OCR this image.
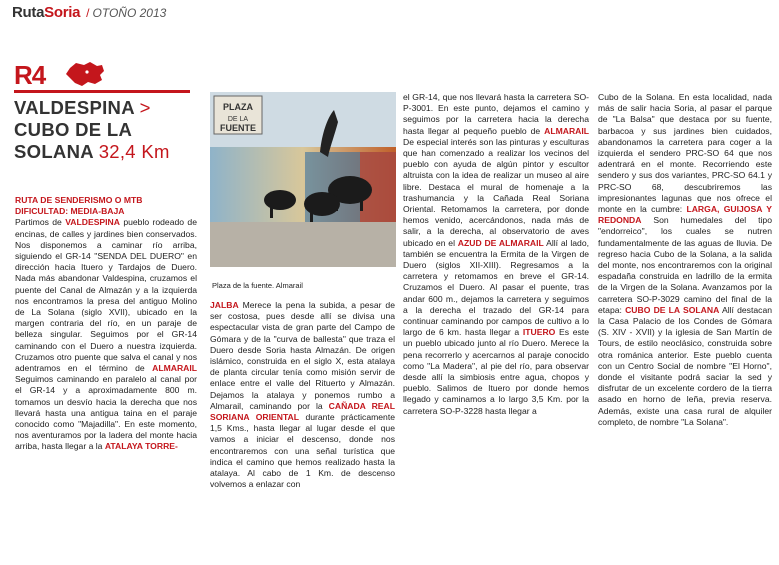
RutaSoria / OTOÑO 2013
R4
VALDESPINA >
CUBO DE LA SOLANA 32,4 Km

RUTA DE SENDERISMO O MTB

DIFICULTAD: MEDIA-BAJA

Partimos de VALDESPINA pueblo rodeado de encinas, de calles y jardines bien conservados. Nos disponemos a caminar río arriba, siguiendo el GR-14 "SENDA DEL DUERO" en dirección hacia Ituero y Tardajos de Duero. Nada más abandonar Valdespina, cruzamos el puente del Canal de Almazán y a la izquierda nos encontramos la presa del antiguo Molino de La Solana (siglo XVII), ubicado en la margen contraria del río, en un paraje de belleza singular. Seguimos por el GR-14 caminando con el Duero a nuestra izquierda. Cruzamos otro puente que salva el canal y nos adentramos en el término de ALMARAIL Seguimos caminando en paralelo al canal por el GR-14 y a aproximadamente 800 m. tomamos un desvío hacia la derecha que nos llevará hasta una antigua taina en el paraje conocido como "Majadilla". En este momento, nos aventuramos por la ladera del monte hacia arriba, hasta llegar a la ATALAYA TORRE-

PLAZA
DE LA
FUENTE
Plaza de la fuente. Almarail

JALBA Merece la pena la subida, a pesar de ser costosa, pues desde allí se divisa una espectacular vista de gran parte del Campo de Gómara y de la "curva de ballesta" que traza el Duero desde Soria hasta Almazán. De origen islámico, construida en el siglo X, esta atalaya de planta circular tenía como misión servir de enlace entre el valle del Rituerto y Almazán. Dejamos la atalaya y ponemos rumbo a Almarail, caminando por la CAÑADA REAL SORIANA ORIENTAL durante prácticamente 1,5 Kms., hasta llegar al lugar desde el que vamos a iniciar el descenso, donde nos encontraremos con una señal turística que indica el camino que hemos realizado hasta la atalaya. Al cabo de 1 Km. de descenso volvemos a enlazar con

el GR-14, que nos llevará hasta la carretera SO-P-3001. En este punto, dejamos el camino y seguimos por la carretera hacia la derecha hasta llegar al pequeño pueblo de ALMARAIL De especial interés son las pinturas y esculturas que han comenzado a realizar los vecinos del pueblo con ayuda de algún pintor y escultor altruista con la idea de realizar un museo al aire libre. Destaca el mural de homenaje a la trashumancia y la Cañada Real Soriana Oriental. Retomamos la carretera, por donde hemos venido, acercándonos, nada más de salir, a la derecha, al observatorio de aves ubicado en el AZUD DE ALMARAIL Allí al lado, también se encuentra la Ermita de la Virgen de Duero (siglos XII-XIII). Regresamos a la carretera y retomamos en breve el GR-14. Cruzamos el Duero. Al pasar el puente, tras andar 600 m., dejamos la carretera y seguimos a la derecha el trazado del GR-14 para continuar caminando por campos de cultivo a lo largo de 6 km. hasta llegar a ITUERO Es este un pueblo ubicado junto al río Duero. Merece la pena recorrerlo y acercarnos al paraje conocido como "La Madera", al pie del río, para observar desde allí la simbiosis entre agua, chopos y pueblo. Salimos de Ituero por donde hemos llegado y caminamos a lo largo 3,5 Km. por la carretera SO-P-3228 hasta llegar a

Cubo de la Solana. En esta localidad, nada más de salir hacia Soria, al pasar el parque de "La Balsa" que destaca por su fuente, barbacoa y sus jardines bien cuidados, abandonamos la carretera para coger a la izquierda el sendero PRC-SO 64 que nos adentrará en el monte. Recorriendo este sendero y sus dos variantes, PRC-SO 64.1 y PRC-SO 68, descubriremos las impresionantes lagunas que nos ofrece el monte en la cumbre: LARGA, GUIJOSA Y REDONDA Son humedales del tipo "endorreico", los cuales se nutren fundamentalmente de las aguas de lluvia. De regreso hacia Cubo de la Solana, a la salida del monte, nos encontraremos con la original espadaña construida en ladrillo de la ermita de la Virgen de la Solana. Avanzamos por la carretera SO-P-3029 camino del final de la etapa: CUBO DE LA SOLANA Allí destacan la Casa Palacio de los Condes de Gómara (S. XIV - XVII) y la iglesia de San Martín de Tours, de estilo neoclásico, construida sobre otra románica anterior. Este pueblo cuenta con un Centro Social de nombre "El Horno", donde el visitante podrá saciar la sed y disfrutar de un excelente cordero de la tierra asado en horno de leña, previa reserva. Además, existe una casa rural de alquiler completo, de nombre "La Solana".
